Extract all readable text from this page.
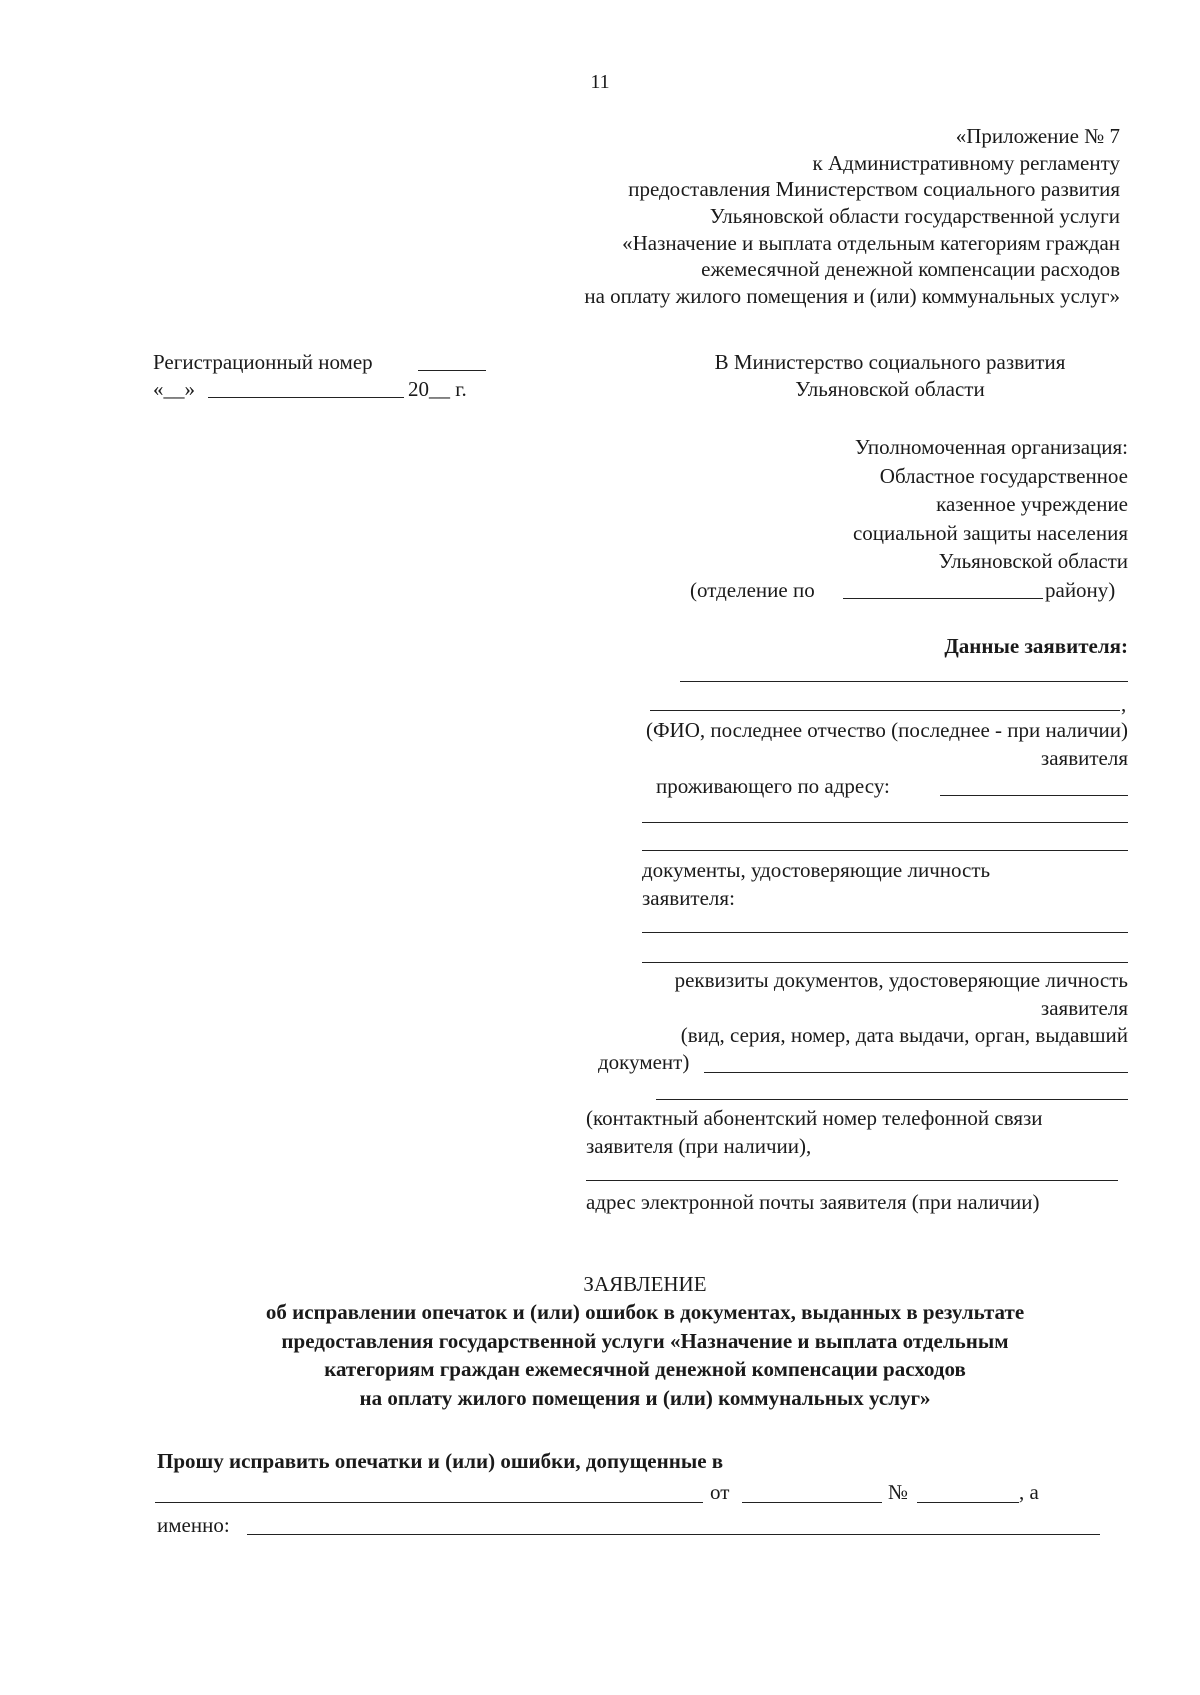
11
«Приложение № 7
к Административному регламенту
предоставления Министерством социального развития
Ульяновской области государственной услуги
«Назначение и выплата отдельным категориям граждан
ежемесячной денежной компенсации расходов
на оплату жилого помещения и (или) коммунальных услуг»
Регистрационный номер
«__»	20__ г.
В Министерство социального развития
Ульяновской области
Уполномоченная организация:
Областное государственное
казенное учреждение
социальной защиты населения
Ульяновской области
(отделение по	району)
Данные заявителя:
,
(ФИО, последнее отчество (последнее - при наличии)
заявителя
проживающего по адресу:
документы, удостоверяющие личность
заявителя:
реквизиты документов, удостоверяющие личность
заявителя
(вид, серия, номер, дата выдачи, орган, выдавший
документ)
(контактный абонентский номер телефонной связи
заявителя (при наличии),
адрес электронной почты заявителя (при наличии)
ЗАЯВЛЕНИЕ
об исправлении опечаток и (или) ошибок в документах, выданных в результате
предоставления государственной услуги «Назначение и выплата отдельным
категориям граждан ежемесячной денежной компенсации расходов
на оплату жилого помещения и (или) коммунальных услуг»
Прошу исправить опечатки и (или) ошибки, допущенные в
от	№	, а
именно:
